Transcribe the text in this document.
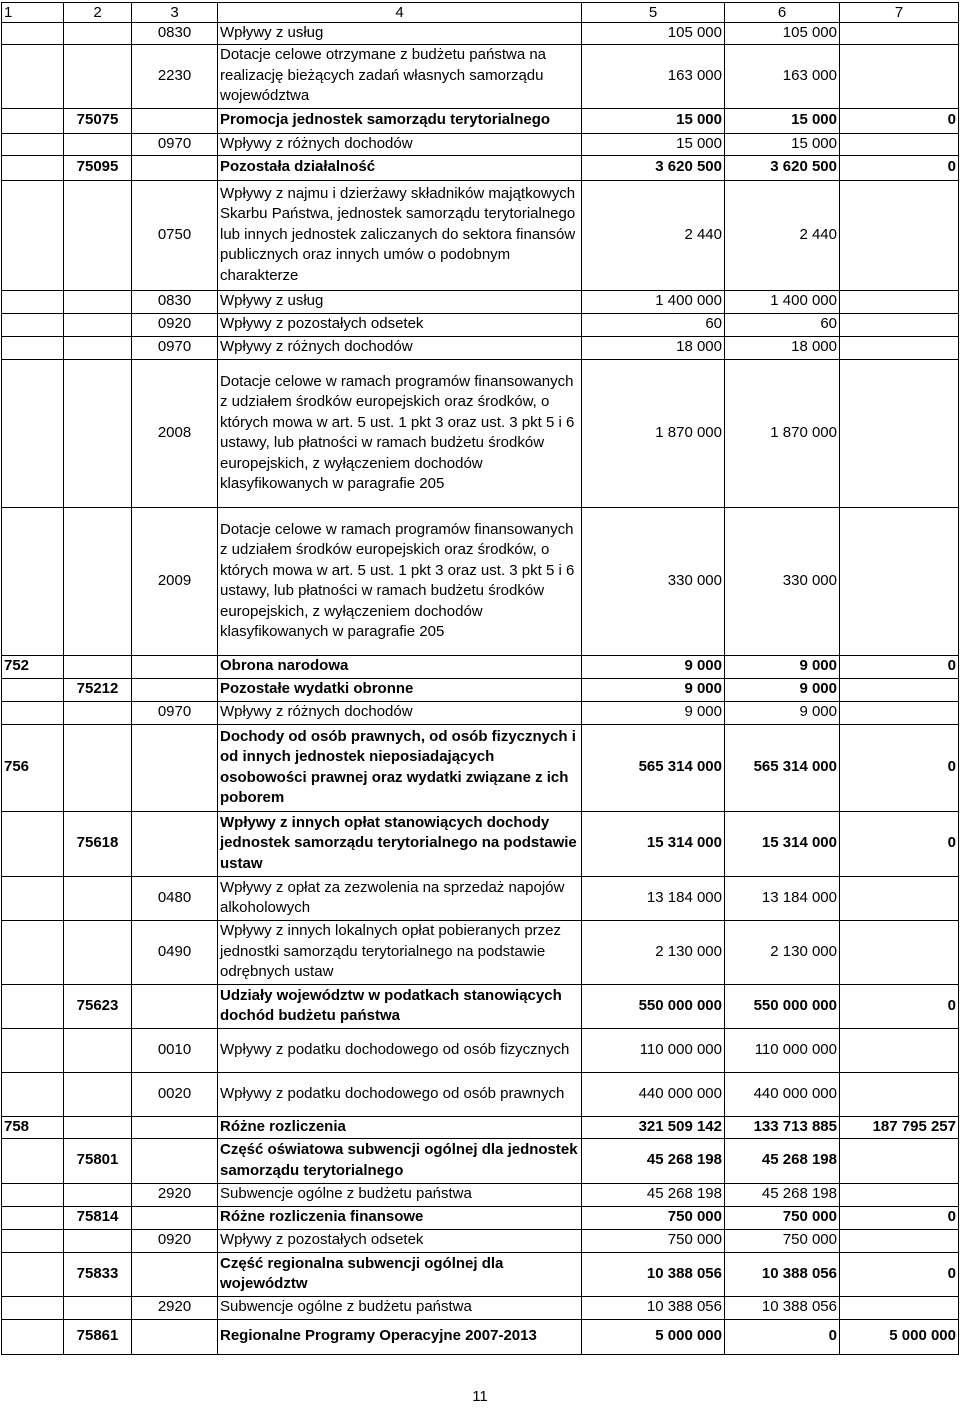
1	2	3	4	5	6	7
		0830	Wpływy z usług	105 000	105 000	
		2230	Dotacje celowe otrzymane z budżetu państwa na realizację bieżących zadań własnych samorządu województwa	163 000	163 000	
	75075		Promocja jednostek samorządu terytorialnego	15 000	15 000	0
		0970	Wpływy z różnych dochodów	15 000	15 000	
	75095		Pozostała działalność	3 620 500	3 620 500	0
		0750	Wpływy z najmu i dzierżawy składników majątkowych Skarbu Państwa, jednostek samorządu terytorialnego lub innych jednostek zaliczanych do sektora finansów publicznych oraz innych umów o podobnym charakterze	2 440	2 440	
		0830	Wpływy z usług	1 400 000	1 400 000	
		0920	Wpływy z pozostałych odsetek	60	60	
		0970	Wpływy z różnych dochodów	18 000	18 000	
		2008	Dotacje celowe w ramach programów finansowanych z udziałem środków europejskich oraz środków, o których mowa w art. 5 ust. 1 pkt 3 oraz ust. 3 pkt 5 i 6 ustawy, lub płatności w ramach budżetu środków europejskich, z wyłączeniem dochodów klasyfikowanych w paragrafie 205	1 870 000	1 870 000	
		2009	Dotacje celowe w ramach programów finansowanych z udziałem środków europejskich oraz środków, o których mowa w art. 5 ust. 1 pkt 3 oraz ust. 3 pkt 5 i 6 ustawy, lub płatności w ramach budżetu środków europejskich, z wyłączeniem dochodów klasyfikowanych w paragrafie 205	330 000	330 000	
752			Obrona narodowa	9 000	9 000	0
	75212		Pozostałe wydatki obronne	9 000	9 000	
		0970	Wpływy z różnych dochodów	9 000	9 000	
756			Dochody od osób prawnych, od osób fizycznych i od innych jednostek nieposiadających osobowości prawnej oraz wydatki związane z ich poborem	565 314 000	565 314 000	0
	75618		Wpływy z innych opłat stanowiących dochody jednostek samorządu terytorialnego na podstawie ustaw	15 314 000	15 314 000	0
		0480	Wpływy z opłat za zezwolenia na sprzedaż napojów alkoholowych	13 184 000	13 184 000	
		0490	Wpływy z innych lokalnych opłat pobieranych przez jednostki samorządu terytorialnego na podstawie odrębnych ustaw	2 130 000	2 130 000	
	75623		Udziały województw w podatkach stanowiących dochód budżetu państwa	550 000 000	550 000 000	0
		0010	Wpływy z podatku dochodowego od osób fizycznych	110 000 000	110 000 000	
		0020	Wpływy z podatku dochodowego od osób prawnych	440 000 000	440 000 000	
758			Różne rozliczenia	321 509 142	133 713 885	187 795 257
	75801		Część oświatowa subwencji ogólnej dla jednostek samorządu terytorialnego	45 268 198	45 268 198	
		2920	Subwencje ogólne z budżetu państwa	45 268 198	45 268 198	
	75814		Różne rozliczenia finansowe	750 000	750 000	0
		0920	Wpływy z pozostałych odsetek	750 000	750 000	
	75833		Część regionalna subwencji ogólnej dla województw	10 388 056	10 388 056	0
		2920	Subwencje ogólne z budżetu państwa	10 388 056	10 388 056	
	75861		Regionalne Programy Operacyjne 2007-2013	5 000 000	0	5 000 000
11
